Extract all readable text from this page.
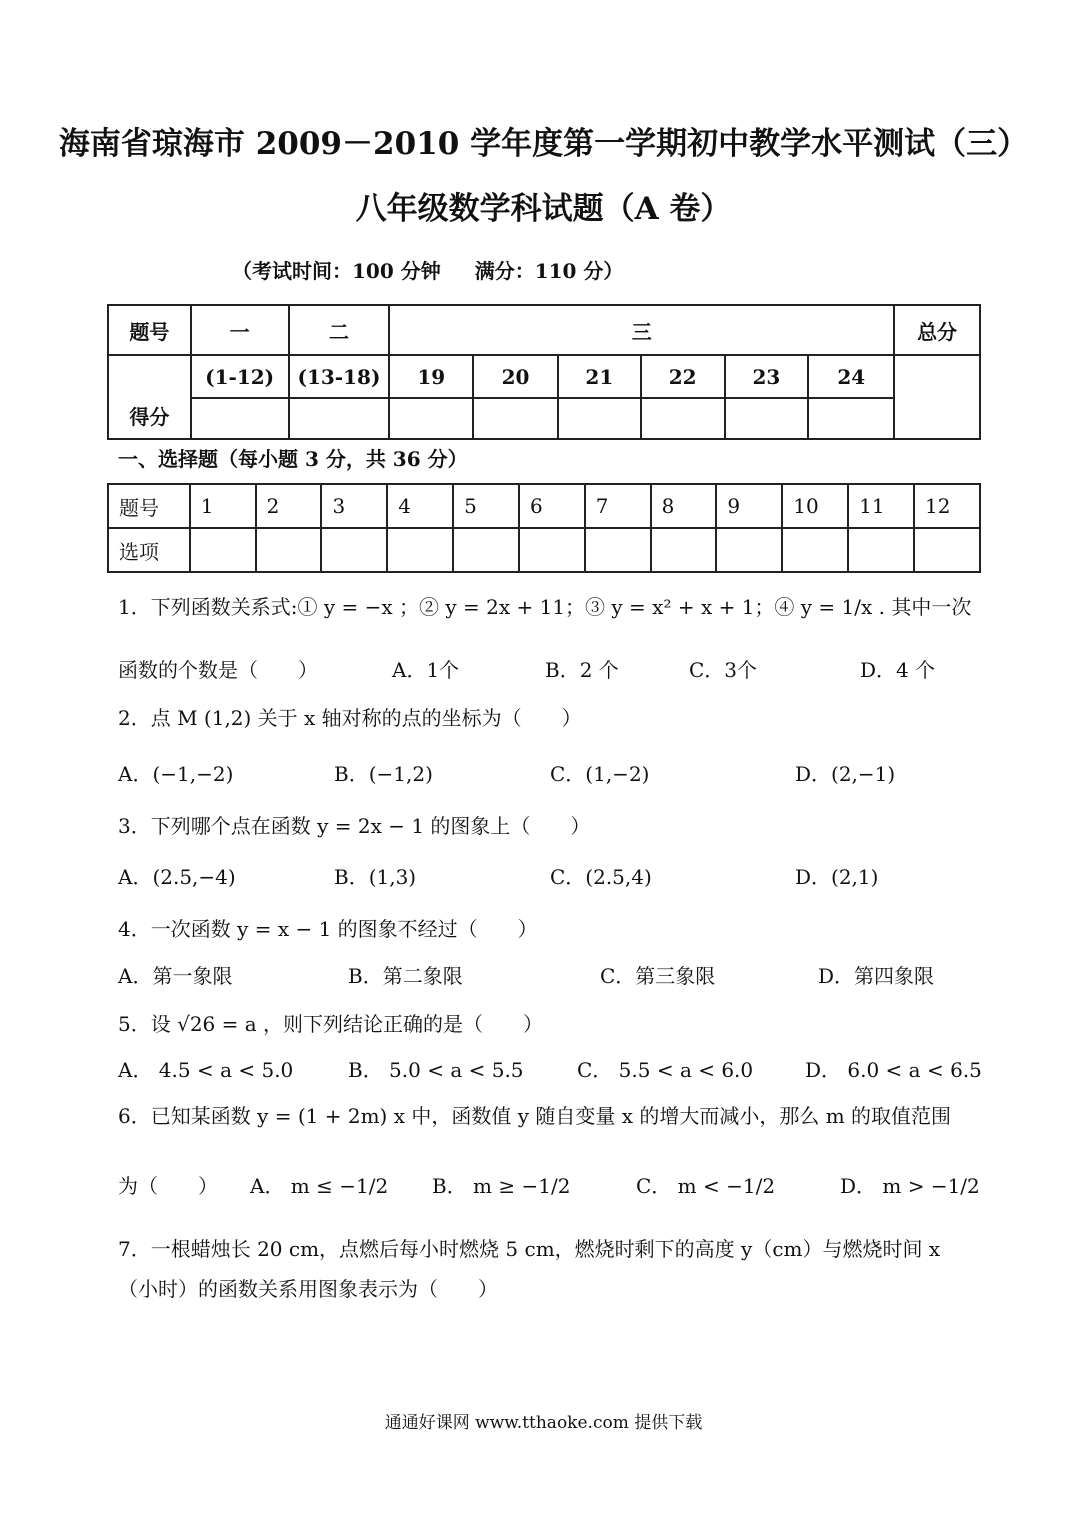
海南省琼海市 2009－2010 学年度第一学期初中教学水平测试（三）
八年级数学科试题（A 卷）
（考试时间：100 分钟 满分：110 分）
题号	一	二	三						总分
得分	(1-12)	(13-18)	19	20	21	22	23	24	

一、选择题（每小题 3 分，共 36 分）
题号	1	2	3	4	5	6	7	8	9	10	11	12
选项												
1．下列函数关系式:① y = −x ；② y = 2x + 11；③ y = x² + x + 1；④ y = 1/x . 其中一次
函数的个数是（　　）	A．1个	B．2 个	C．3个	D．4 个
2．点 M (1,2) 关于 x 轴对称的点的坐标为（　　）
A．(−1,−2)	B．(−1,2)	C．(1,−2)	D．(2,−1)
3．下列哪个点在函数 y = 2x − 1 的图象上（　　）
A．(2.5,−4)	B．(1,3)	C．(2.5,4)	D．(2,1)
4．一次函数 y = x − 1 的图象不经过（　　）
A．第一象限	B．第二象限	C．第三象限	D．第四象限
5．设 √26 = a ，则下列结论正确的是（　　）
A． 4.5 < a < 5.0	B． 5.0 < a < 5.5	C． 5.5 < a < 6.0	D． 6.0 < a < 6.5
6．已知某函数 y = (1 + 2m) x 中，函数值 y 随自变量 x 的增大而减小，那么 m 的取值范围
为（　　） A． m ≤ −1/2 B． m ≥ −1/2	C． m < −1/2	D． m > −1/2
7．一根蜡烛长 20 cm，点燃后每小时燃烧 5 cm，燃烧时剩下的高度 y（cm）与燃烧时间 x
（小时）的函数关系用图象表示为（　　）
通通好课网 www.tthaoke.com 提供下载
